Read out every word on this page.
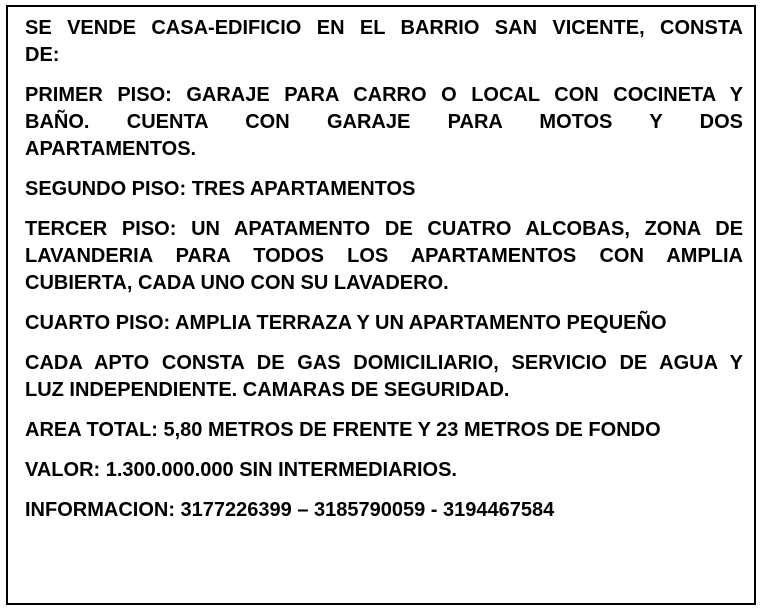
SE VENDE CASA-EDIFICIO EN EL BARRIO SAN VICENTE, CONSTA
DE:

PRIMER PISO: GARAJE PARA CARRO O LOCAL CON COCINETA Y
BAÑO. CUENTA CON GARAJE PARA MOTOS Y DOS
APARTAMENTOS.

SEGUNDO PISO: TRES APARTAMENTOS

TERCER PISO: UN APATAMENTO DE CUATRO ALCOBAS, ZONA DE
LAVANDERIA PARA TODOS LOS APARTAMENTOS CON AMPLIA
CUBIERTA, CADA UNO CON SU LAVADERO.

CUARTO PISO: AMPLIA TERRAZA Y UN APARTAMENTO PEQUEÑO

CADA APTO CONSTA DE GAS DOMICILIARIO, SERVICIO DE AGUA Y
LUZ INDEPENDIENTE. CAMARAS DE SEGURIDAD.

AREA TOTAL: 5,80 METROS DE FRENTE Y 23 METROS DE FONDO

VALOR: 1.300.000.000 SIN INTERMEDIARIOS.

INFORMACION: 3177226399 – 3185790059 - 3194467584
